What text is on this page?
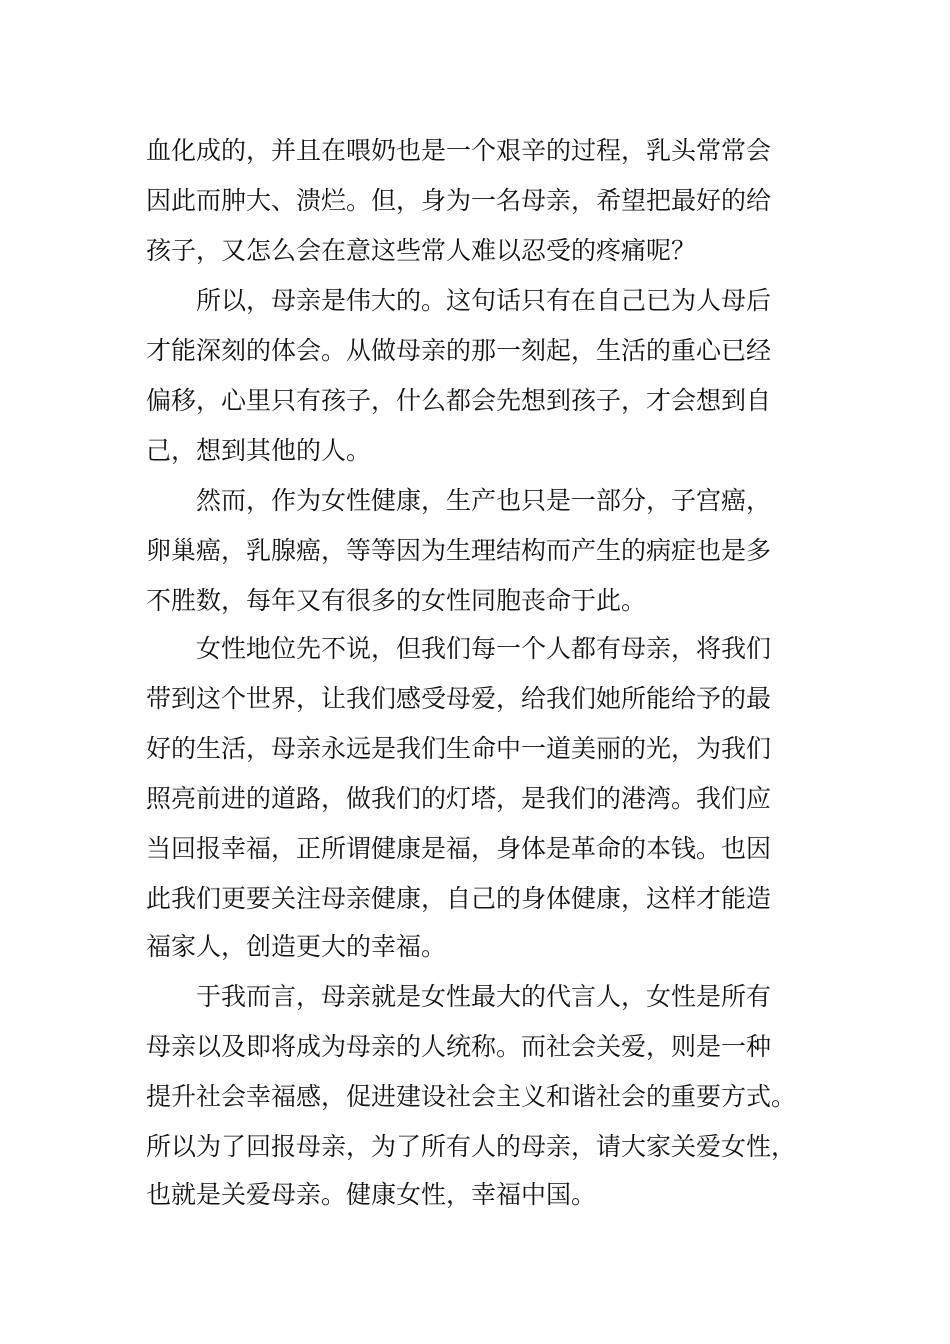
血化成的，并且在喂奶也是一个艰辛的过程，乳头常常会

因此而肿大、溃烂。但，身为一名母亲，希望把最好的给

孩子，又怎么会在意这些常人难以忍受的疼痛呢？

所以，母亲是伟大的。这句话只有在自己已为人母后

才能深刻的体会。从做母亲的那一刻起，生活的重心已经

偏移，心里只有孩子，什么都会先想到孩子，才会想到自

己，想到其他的人。

然而，作为女性健康，生产也只是一部分，子宫癌，

卵巢癌，乳腺癌，等等因为生理结构而产生的病症也是多

不胜数，每年又有很多的女性同胞丧命于此。

女性地位先不说，但我们每一个人都有母亲，将我们

带到这个世界，让我们感受母爱，给我们她所能给予的最

好的生活，母亲永远是我们生命中一道美丽的光，为我们

照亮前进的道路，做我们的灯塔，是我们的港湾。我们应

当回报幸福，正所谓健康是福，身体是革命的本钱。也因

此我们更要关注母亲健康，自己的身体健康，这样才能造

福家人，创造更大的幸福。

于我而言，母亲就是女性最大的代言人，女性是所有

母亲以及即将成为母亲的人统称。而社会关爱，则是一种

提升社会幸福感，促进建设社会主义和谐社会的重要方式。

所以为了回报母亲，为了所有人的母亲，请大家关爱女性，

也就是关爱母亲。健康女性，幸福中国。
